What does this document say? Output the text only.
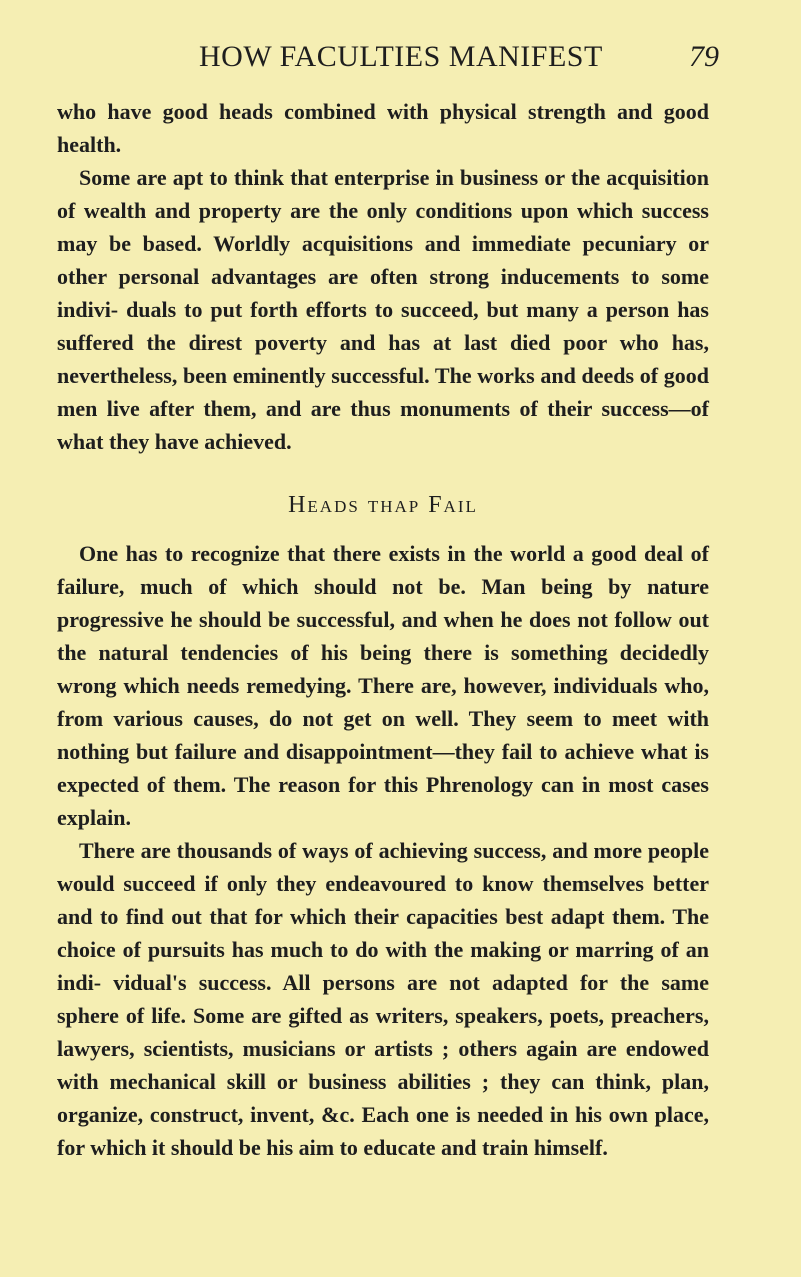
HOW FACULTIES MANIFEST	79

who have good heads combined with physical strength and good health.

Some are apt to think that enterprise in business or the acquisition of wealth and property are the only conditions upon which success may be based. Worldly acquisitions and immediate pecuniary or other personal advantages are often strong inducements to some indivi- duals to put forth efforts to succeed, but many a person has suffered the direst poverty and has at last died poor who has, nevertheless, been eminently successful. The works and deeds of good men live after them, and are thus monuments of their success—of what they have achieved.

Heads thap Fail

One has to recognize that there exists in the world a good deal of failure, much of which should not be. Man being by nature progressive he should be successful, and when he does not follow out the natural tendencies of his being there is something decidedly wrong which needs remedying. There are, however, individuals who, from various causes, do not get on well. They seem to meet with nothing but failure and disappointment—they fail to achieve what is expected of them. The reason for this Phrenology can in most cases explain.

There are thousands of ways of achieving success, and more people would succeed if only they endeavoured to know themselves better and to find out that for which their capacities best adapt them. The choice of pursuits has much to do with the making or marring of an indi- vidual's success. All persons are not adapted for the same sphere of life. Some are gifted as writers, speakers, poets, preachers, lawyers, scientists, musicians or artists ; others again are endowed with mechanical skill or business abilities ; they can think, plan, organize, construct, invent, &c. Each one is needed in his own place, for which it should be his aim to educate and train himself.
